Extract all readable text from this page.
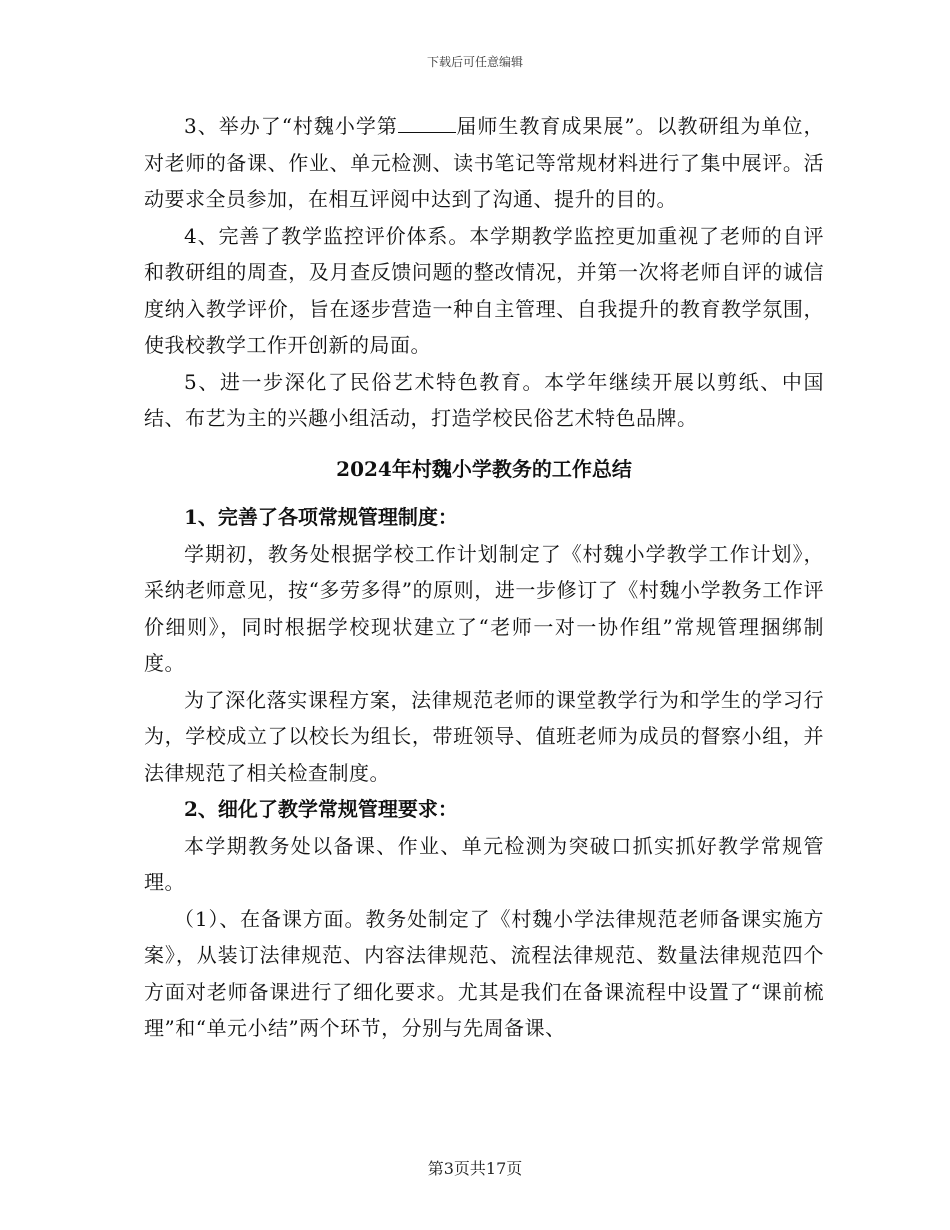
下载后可任意编辑

3、举办了“村魏小学第	届师生教育成果展”。以教研组为单位，对老师的备课、作业、单元检测、读书笔记等常规材料进行了集中展评。活动要求全员参加，在相互评阅中达到了沟通、提升的目的。

4、完善了教学监控评价体系。本学期教学监控更加重视了老师的自评和教研组的周查，及月查反馈问题的整改情况，并第一次将老师自评的诚信度纳入教学评价，旨在逐步营造一种自主管理、自我提升的教育教学氛围，使我校教学工作开创新的局面。

5、进一步深化了民俗艺术特色教育。本学年继续开展以剪纸、中国结、布艺为主的兴趣小组活动，打造学校民俗艺术特色品牌。

2024年村魏小学教务的工作总结
1、完善了各项常规管理制度：

学期初，教务处根据学校工作计划制定了《村魏小学教学工作计划》，采纳老师意见，按“多劳多得”的原则，进一步修订了《村魏小学教务工作评价细则》，同时根据学校现状建立了“老师一对一协作组”常规管理捆绑制度。

为了深化落实课程方案，法律规范老师的课堂教学行为和学生的学习行为，学校成立了以校长为组长，带班领导、值班老师为成员的督察小组，并法律规范了相关检查制度。

2、细化了教学常规管理要求：

本学期教务处以备课、作业、单元检测为突破口抓实抓好教学常规管理。

（1）、在备课方面。教务处制定了《村魏小学法律规范老师备课实施方案》，从装订法律规范、内容法律规范、流程法律规范、数量法律规范四个方面对老师备课进行了细化要求。尤其是我们在备课流程中设置了“课前梳理”和“单元小结”两个环节，分别与先周备课、

第3页共17页
